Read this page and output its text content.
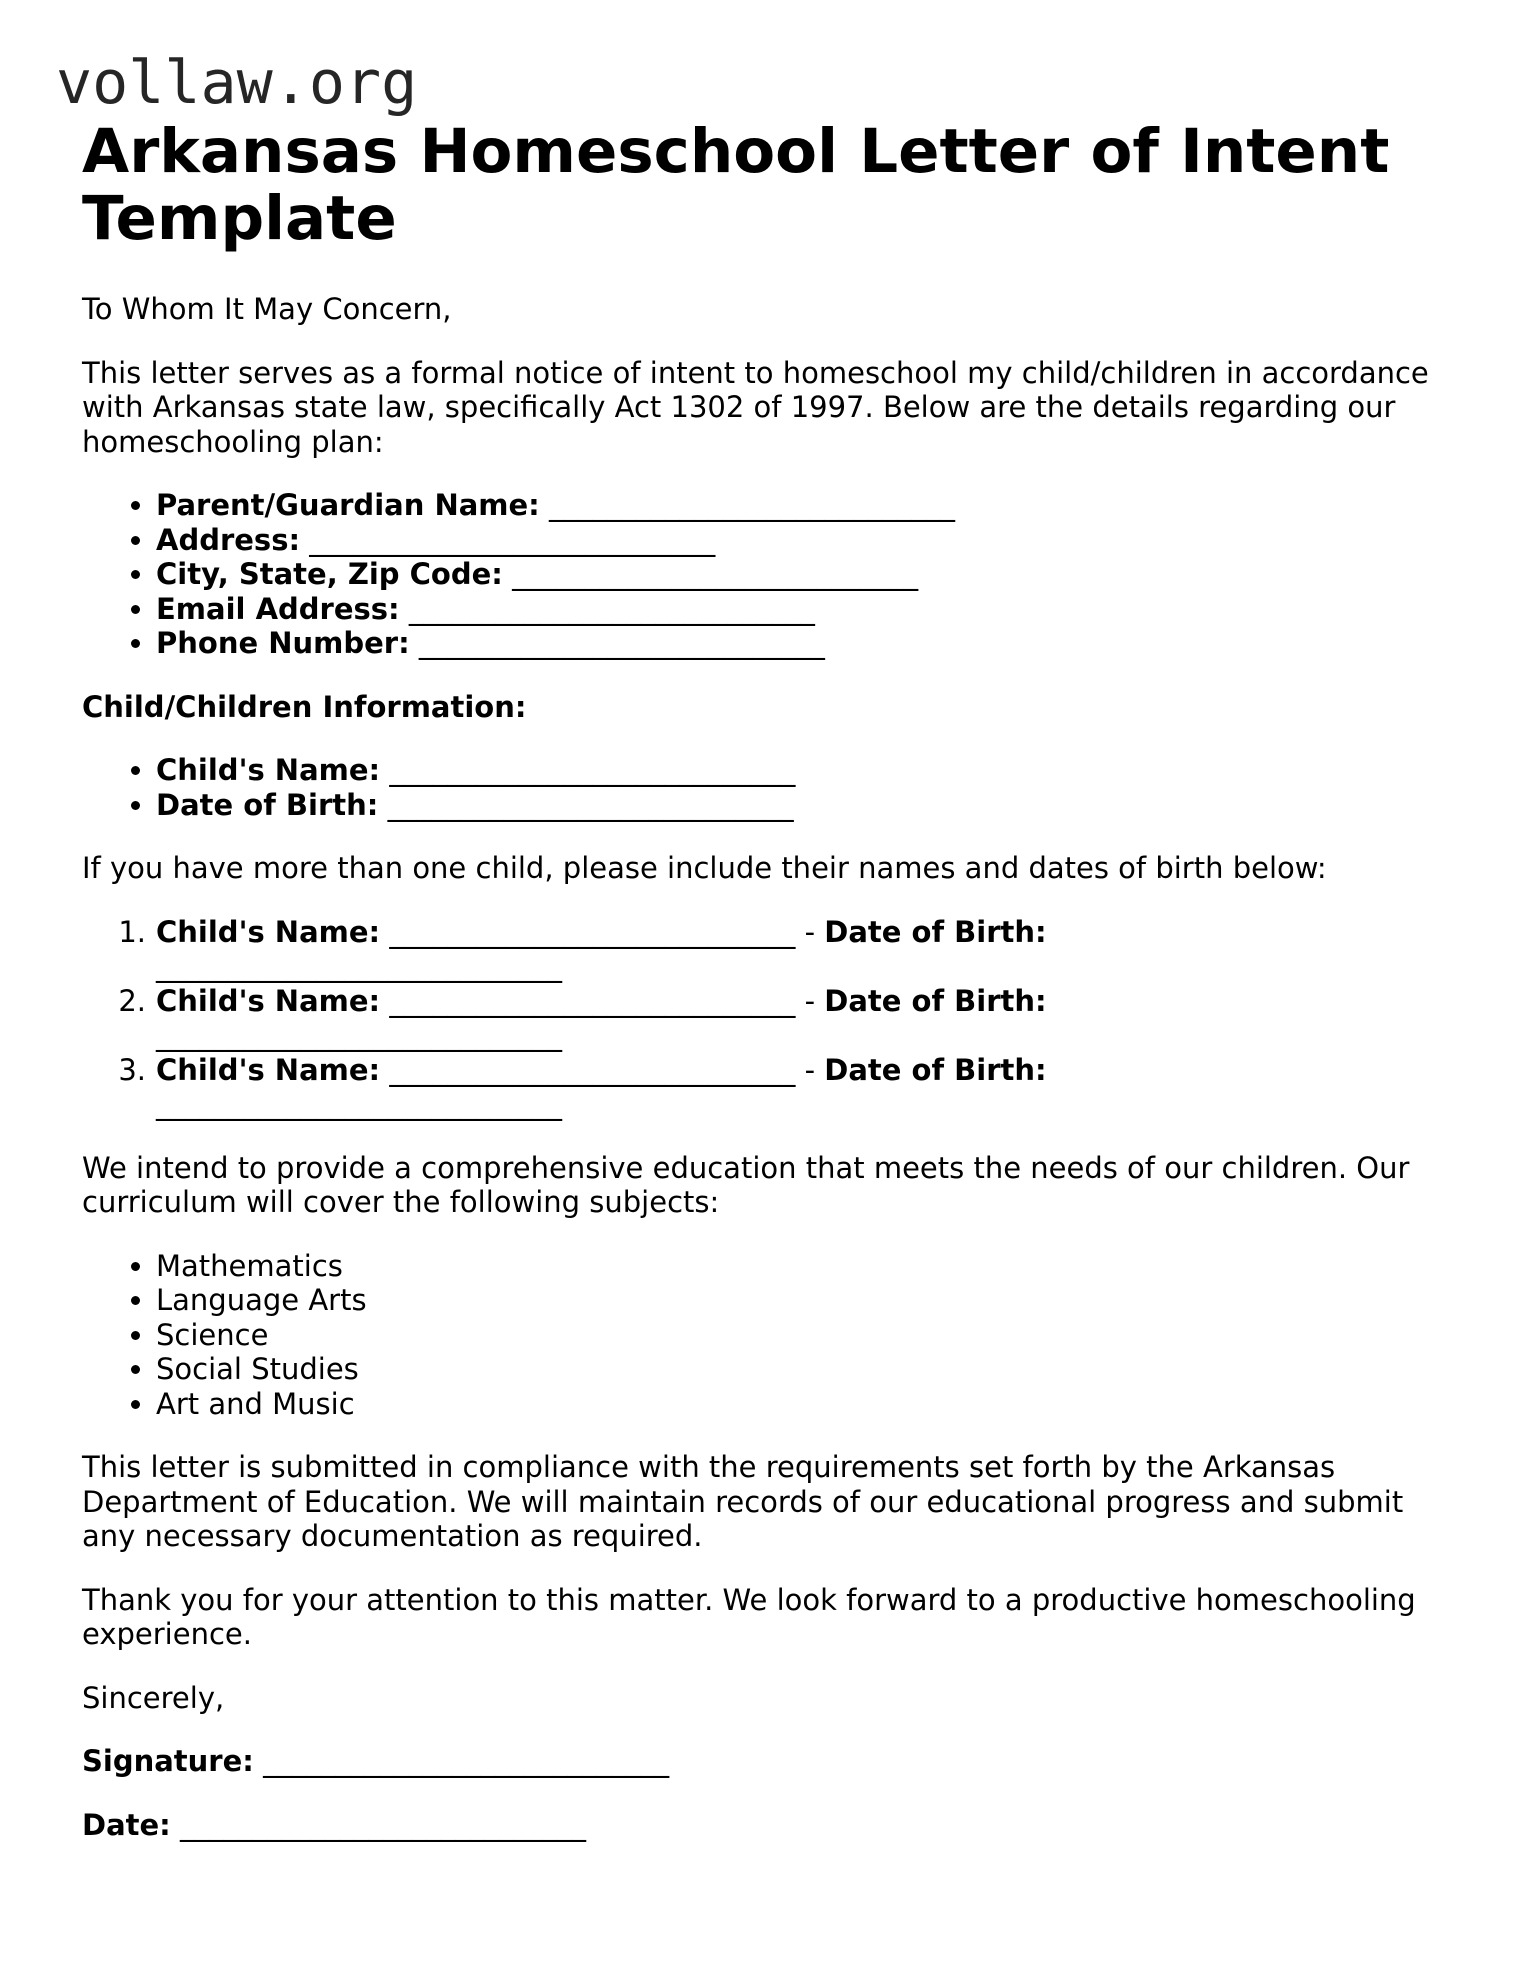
vollaw.org

Arkansas Homeschool Letter of Intent Template

To Whom It May Concern,

This letter serves as a formal notice of intent to homeschool my child/children in accordance with Arkansas state law, specifically Act 1302 of 1997. Below are the details regarding our homeschooling plan:

• Parent/Guardian Name: ____________________________
• Address: ____________________________
• City, State, Zip Code: ____________________________
• Email Address: ____________________________
• Phone Number: ____________________________

Child/Children Information:

• Child's Name: ____________________________
• Date of Birth: ____________________________

If you have more than one child, please include their names and dates of birth below:

1. Child's Name: ____________________________ - Date of Birth: ____________________________
2. Child's Name: ____________________________ - Date of Birth: ____________________________
3. Child's Name: ____________________________ - Date of Birth: ____________________________

We intend to provide a comprehensive education that meets the needs of our children. Our curriculum will cover the following subjects:

• Mathematics
• Language Arts
• Science
• Social Studies
• Art and Music

This letter is submitted in compliance with the requirements set forth by the Arkansas Department of Education. We will maintain records of our educational progress and submit any necessary documentation as required.

Thank you for your attention to this matter. We look forward to a productive homeschooling experience.

Sincerely,

Signature: ____________________________

Date: ____________________________
